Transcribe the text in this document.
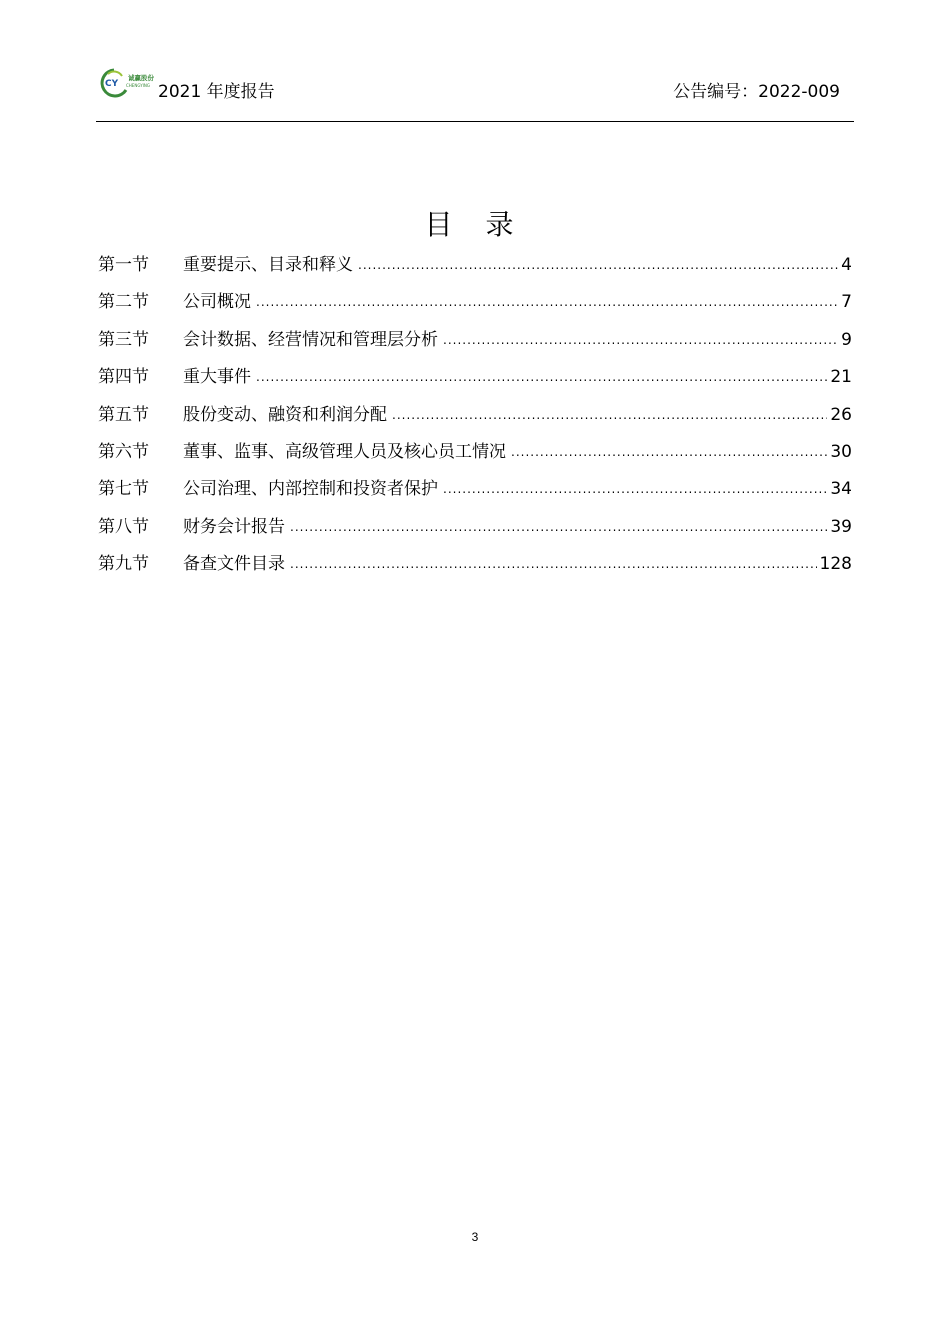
CY
诚赢股份
CHENGYING 2021 年度报告	公告编号：2022-009
目 录
第一节	重要提示、目录和释义 .....	4
第二节	公司概况 .....	7
第三节	会计数据、经营情况和管理层分析 .....	9
第四节	重大事件 .....	21
第五节	股份变动、融资和利润分配 .....	26
第六节	董事、监事、高级管理人员及核心员工情况 .....	30
第七节	公司治理、内部控制和投资者保护 .....	34
第八节	财务会计报告 .....	39
第九节	备查文件目录 .....	128
3
